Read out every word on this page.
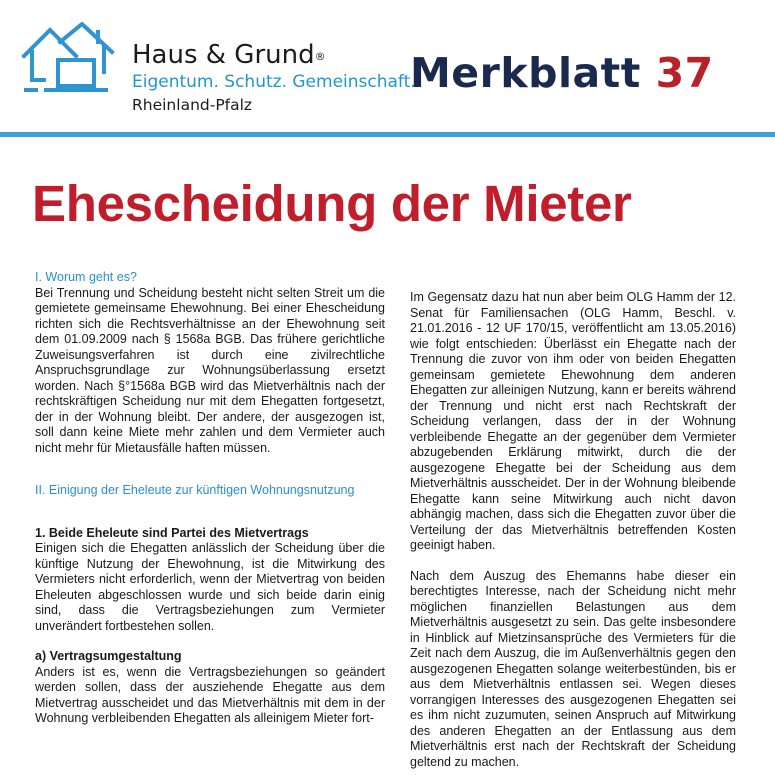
Haus & Grund®
Eigentum. Schutz. Gemeinschaft.
Rheinland-Pfalz
Merkblatt 37
Ehescheidung der Mieter

I. Worum geht es?

Bei Trennung und Scheidung besteht nicht selten Streit um die gemietete gemeinsame Ehewohnung. Bei einer Ehescheidung richten sich die Rechtsverhältnisse an der Ehewohnung seit dem 01.09.2009 nach § 1568a BGB. Das frühere gerichtliche Zuweisungsverfahren ist durch eine zivilrechtliche Anspruchsgrundlage zur Wohnungsüberlassung ersetzt worden. Nach §°1568a BGB wird das Mietverhältnis nach der rechtskräftigen Scheidung nur mit dem Ehegatten fortgesetzt, der in der Wohnung bleibt. Der andere, der ausgezogen ist, soll dann keine Miete mehr zahlen und dem Vermieter auch nicht mehr für Mietausfälle haften müssen.

II. Einigung der Eheleute zur künftigen Wohnungsnutzung

1. Beide Eheleute sind Partei des Mietvertrags

Einigen sich die Ehegatten anlässlich der Scheidung über die künftige Nutzung der Ehewohnung, ist die Mitwirkung des Vermieters nicht erforderlich, wenn der Mietvertrag von beiden Eheleuten abgeschlossen wurde und sich beide darin einig sind, dass die Vertragsbeziehungen zum Vermieter unverändert fortbestehen sollen.

a) Vertragsumgestaltung

Anders ist es, wenn die Vertragsbeziehungen so geändert werden sollen, dass der ausziehende Ehegatte aus dem Mietvertrag ausscheidet und das Mietverhältnis mit dem in der Wohnung verbleibenden Ehegatten als alleinigem Mieter fort-

Im Gegensatz dazu hat nun aber beim OLG Hamm der 12. Senat für Familiensachen (OLG Hamm, Beschl. v. 21.01.2016 - 12 UF 170/15, veröffentlicht am 13.05.2016) wie folgt entschieden: Überlässt ein Ehegatte nach der Trennung die zuvor von ihm oder von beiden Ehegatten gemeinsam gemietete Ehewohnung dem anderen Ehegatten zur alleinigen Nutzung, kann er bereits während der Trennung und nicht erst nach Rechtskraft der Scheidung verlangen, dass der in der Wohnung verbleibende Ehegatte an der gegenüber dem Vermieter abzugebenden Erklärung mitwirkt, durch die der ausgezogene Ehegatte bei der Scheidung aus dem Mietverhältnis ausscheidet. Der in der Wohnung bleibende Ehegatte kann seine Mitwirkung auch nicht davon abhängig machen, dass sich die Ehegatten zuvor über die Verteilung der das Mietverhältnis betreffenden Kosten geeinigt haben.

Nach dem Auszug des Ehemanns habe dieser ein berechtigtes Interesse, nach der Scheidung nicht mehr möglichen finanziellen Belastungen aus dem Mietverhältnis ausgesetzt zu sein. Das gelte insbesondere in Hinblick auf Mietzinsansprüche des Vermieters für die Zeit nach dem Auszug, die im Außenverhältnis gegen den ausgezogenen Ehegatten solange weiterbestünden, bis er aus dem Mietverhältnis entlassen sei. Wegen dieses vorrangigen Interesses des ausgezogenen Ehegatten sei es ihm nicht zuzumuten, seinen Anspruch auf Mitwirkung des anderen Ehegatten an der Entlassung aus dem Mietverhältnis erst nach der Rechtskraft der Scheidung geltend zu machen.
